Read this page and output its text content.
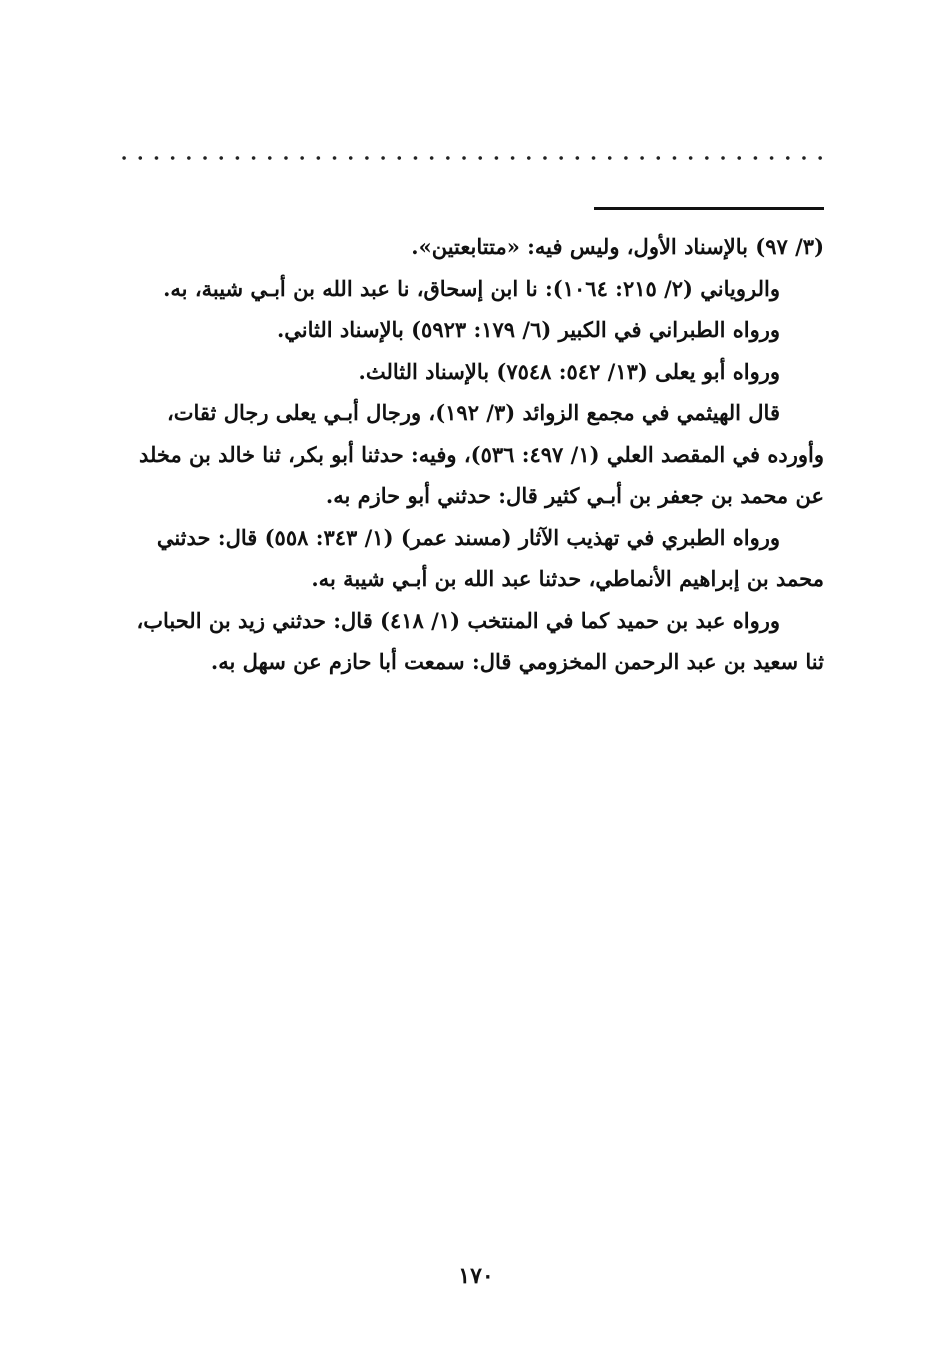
(٣/ ٩٧) بالإسناد الأول، وليس فيه: «متتابعتين».
والروياني (٢/ ٢١٥: ١٠٦٤): نا ابن إسحاق، نا عبد الله بن أبـي شيبة، به.
ورواه الطبراني في الكبير (٦/ ١٧٩: ٥٩٢٣) بالإسناد الثاني.
ورواه أبو يعلى (١٣/ ٥٤٢: ٧٥٤٨) بالإسناد الثالث.
قال الهيثمي في مجمع الزوائد (٣/ ١٩٢)، ورجال أبـي يعلى رجال ثقات،
وأورده في المقصد العلي (١/ ٤٩٧: ٥٣٦)، وفيه: حدثنا أبو بكر، ثنا خالد بن مخلد
عن محمد بن جعفر بن أبـي كثير قال: حدثني أبو حازم به.
ورواه الطبري في تهذيب الآثار (مسند عمر) (١/ ٣٤٣: ٥٥٨) قال: حدثني
محمد بن إبراهيم الأنماطي، حدثنا عبد الله بن أبـي شيبة به.
ورواه عبد بن حميد كما في المنتخب (١/ ٤١٨) قال: حدثني زيد بن الحباب،
ثنا سعيد بن عبد الرحمن المخزومي قال: سمعت أبا حازم عن سهل به.
١٧٠
